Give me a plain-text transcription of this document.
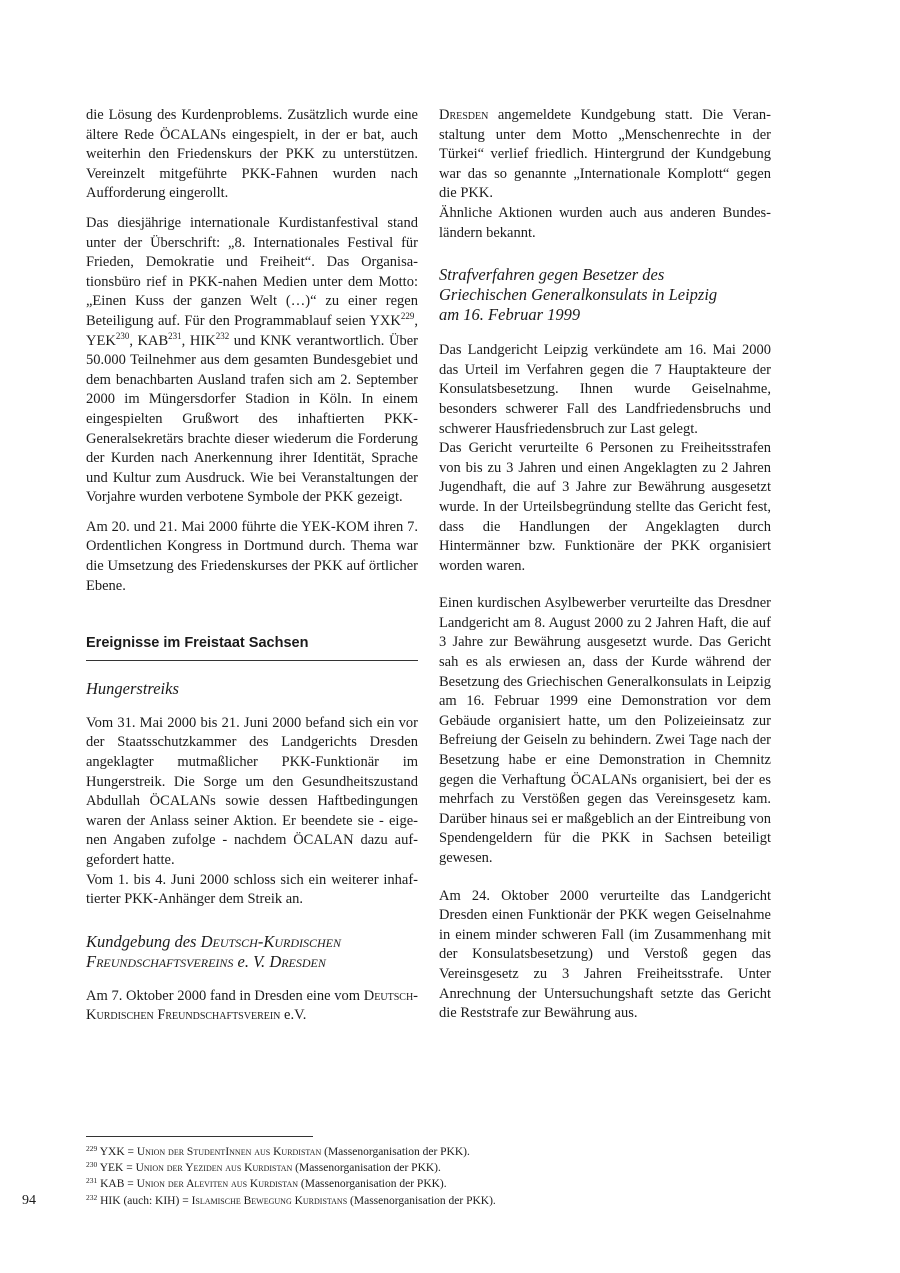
die Lösung des Kurdenproblems. Zusätzlich wurde eine ältere Rede ÖCALANs eingespielt, in der er bat, auch weiterhin den Friedenskurs der PKK zu unterstützen. Vereinzelt mitgeführte PKK-Fahnen wurden nach Aufforderung eingerollt.

Das diesjährige internationale Kurdistanfestival stand unter der Überschrift: „8. Internationales Festival für Frieden, Demokratie und Freiheit“. Das Organisationsbüro rief in PKK-nahen Medien unter dem Motto: „Einen Kuss der ganzen Welt (…)“ zu einer regen Beteiligung auf. Für den Programmablauf seien YXK$^{229}$, YEK$^{230}$, KAB$^{231}$, HIK$^{232}$ und KNK verantwortlich. Über 50.000 Teilnehmer aus dem gesamten Bundesgebiet und dem benachbarten Ausland trafen sich am 2. September 2000 im Müngersdorfer Stadion in Köln. In einem eingespielten Grußwort des inhaftierten PKK-Generalsekretärs brachte dieser wiederum die Forderung der Kurden nach Anerkennung ihrer Identität, Sprache und Kultur zum Ausdruck. Wie bei Veranstaltungen der Vorjahre wurden verbotene Symbole der PKK gezeigt.

Am 20. und 21. Mai 2000 führte die YEK-KOM ihren 7. Ordentlichen Kongress in Dortmund durch. Thema war die Umsetzung des Friedenskurses der PKK auf örtlicher Ebene.

Ereignisse im Freistaat Sachsen
Hungerstreiks

Vom 31. Mai 2000 bis 21. Juni 2000 befand sich ein vor der Staatsschutzkammer des Landgerichts Dresden angeklagter mutmaßlicher PKK-Funktionär im Hungerstreik. Die Sorge um den Gesundheitszustand Abdullah ÖCALANs sowie dessen Haftbedingungen waren der Anlass seiner Aktion. Er beendete sie - eigenen Angaben zufolge - nachdem ÖCALAN dazu aufgefordert hatte.

Vom 1. bis 4. Juni 2000 schloss sich ein weiterer inhaftierter PKK-Anhänger dem Streik an.

Kundgebung des Deutsch-Kurdischen Freundschaftsvereins e. V. Dresden

Am 7. Oktober 2000 fand in Dresden eine vom Deutsch-Kurdischen Freundschaftsverein e.V.

Dresden angemeldete Kundgebung statt. Die Veranstaltung unter dem Motto „Menschenrechte in der Türkei“ verlief friedlich. Hintergrund der Kundgebung war das so genannte „Internationale Komplott“ gegen die PKK.

Ähnliche Aktionen wurden auch aus anderen Bundesländern bekannt.

Strafverfahren gegen Besetzer des
Griechischen Generalkonsulats in Leipzig
am 16. Februar 1999

Das Landgericht Leipzig verkündete am 16. Mai 2000 das Urteil im Verfahren gegen die 7 Hauptakteure der Konsulatsbesetzung. Ihnen wurde Geiselnahme, besonders schwerer Fall des Landfriedensbruchs und schwerer Hausfriedensbruch zur Last gelegt.

Das Gericht verurteilte 6 Personen zu Freiheitsstrafen von bis zu 3 Jahren und einen Angeklagten zu 2 Jahren Jugendhaft, die auf 3 Jahre zur Bewährung ausgesetzt wurde. In der Urteilsbegründung stellte das Gericht fest, dass die Handlungen der Angeklagten durch Hintermänner bzw. Funktionäre der PKK organisiert worden waren.

Einen kurdischen Asylbewerber verurteilte das Dresdner Landgericht am 8. August 2000 zu 2 Jahren Haft, die auf 3 Jahre zur Bewährung ausgesetzt wurde. Das Gericht sah es als erwiesen an, dass der Kurde während der Besetzung des Griechischen Generalkonsulats in Leipzig am 16. Februar 1999 eine Demonstration vor dem Gebäude organisiert hatte, um den Polizeieinsatz zur Befreiung der Geiseln zu behindern. Zwei Tage nach der Besetzung habe er eine Demonstration in Chemnitz gegen die Verhaftung ÖCALANs organisiert, bei der es mehrfach zu Verstößen gegen das Vereinsgesetz kam. Darüber hinaus sei er maßgeblich an der Eintreibung von Spendengeldern für die PKK in Sachsen beteiligt gewesen.

Am 24. Oktober 2000 verurteilte das Landgericht Dresden einen Funktionär der PKK wegen Geiselnahme in einem minder schweren Fall (im Zusammenhang mit der Konsulatsbesetzung) und Verstoß gegen das Vereinsgesetz zu 3 Jahren Freiheitsstrafe. Unter Anrechnung der Untersuchungshaft setzte das Gericht die Reststrafe zur Bewährung aus.

$^{229}$ YXK = Union der StudentInnen aus Kurdistan (Massenorganisation der PKK).
$^{230}$ YEK = Union der Yeziden aus Kurdistan (Massenorganisation der PKK).
$^{231}$ KAB = Union der Aleviten aus Kurdistan (Massenorganisation der PKK).
$^{232}$ HIK (auch: KIH) = Islamische Bewegung Kurdistans (Massenorganisation der PKK).
94
